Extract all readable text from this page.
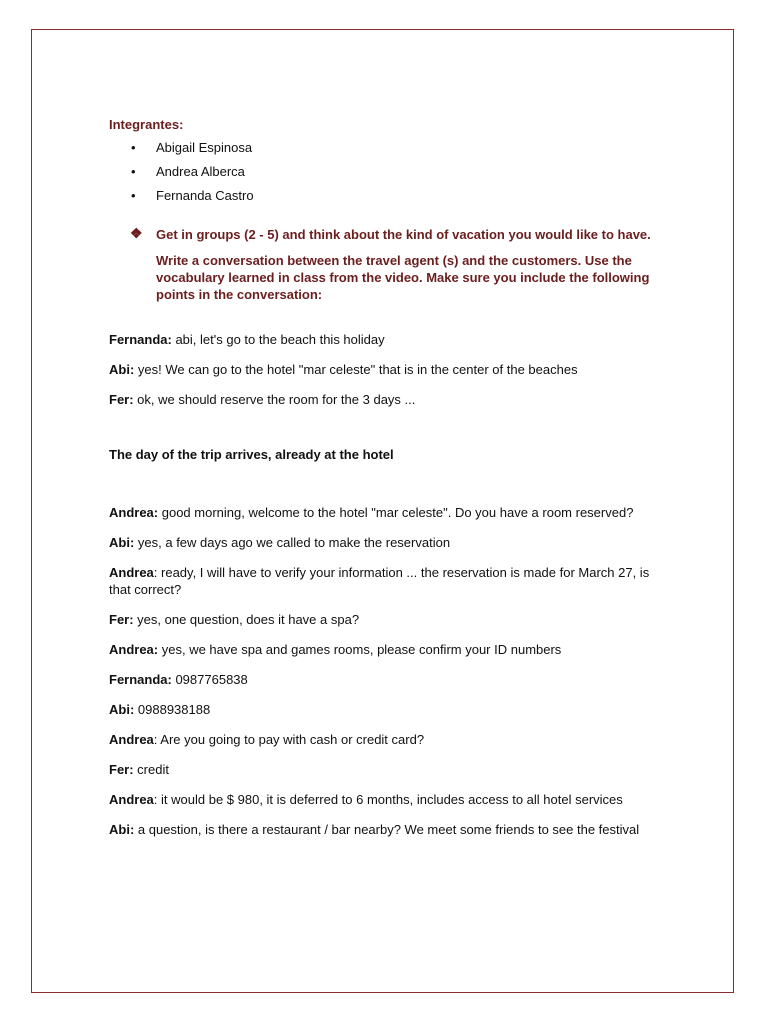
Integrantes:
• Abigail Espinosa
• Andrea Alberca
• Fernanda Castro
❖ Get in groups (2 - 5) and think about the kind of vacation you would like to have.

Write a conversation between the travel agent (s) and the customers. Use the vocabulary learned in class from the video. Make sure you include the following points in the conversation:

Fernanda: abi, let's go to the beach this holiday

Abi: yes! We can go to the hotel "mar celeste" that is in the center of the beaches

Fer: ok, we should reserve the room for the 3 days ...

The day of the trip arrives, already at the hotel

Andrea: good morning, welcome to the hotel "mar celeste". Do you have a room reserved?

Abi: yes, a few days ago we called to make the reservation

Andrea: ready, I will have to verify your information ... the reservation is made for March 27, is that correct?

Fer: yes, one question, does it have a spa?

Andrea: yes, we have spa and games rooms, please confirm your ID numbers

Fernanda: 0987765838

Abi: 0988938188

Andrea: Are you going to pay with cash or credit card?

Fer: credit

Andrea: it would be $ 980, it is deferred to 6 months, includes access to all hotel services

Abi: a question, is there a restaurant / bar nearby? We meet some friends to see the festival
